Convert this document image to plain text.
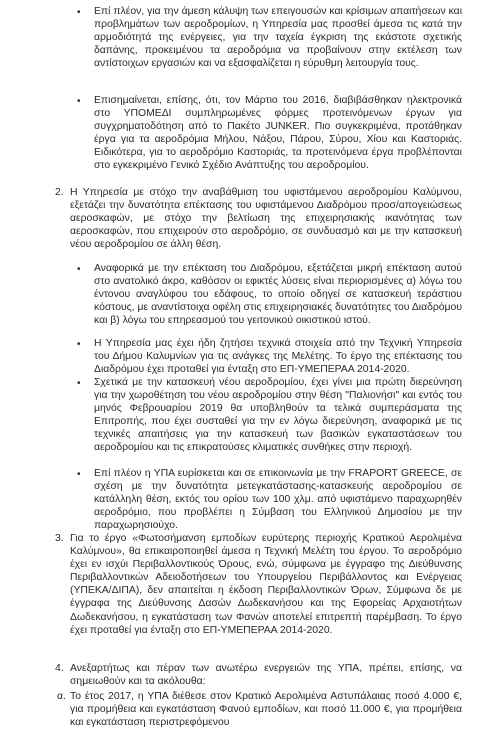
• Επί πλέον, για την άμεση κάλυψη των επειγουσών και κρίσιμων απαιτήσεων και προβλημάτων των αεροδρομίων, η Υπηρεσία μας προσθεί άμεσα τις κατά την αρμοδιότητά της ενέργειες, για την ταχεία έγκριση της εκάστοτε σχετικής δαπάνης, προκειμένου τα αεροδρόμια να προβαίνουν στην εκτέλεση των αντίστοιχων εργασιών και να εξασφαλίζεται η εύρυθμη λειτουργία τους.

• Επισημαίνεται, επίσης, ότι, τον Μάρτιο του 2016, διαβιβάσθηκαν ηλεκτρονικά στο ΥΠΟΜΕΔΙ συμπληρωμένες φόρμες προτεινόμενων έργων για συγχρηματοδότηση από το Πακέτο JUNKER. Πιο συγκεκριμένα, προτάθηκαν έργα για τα αεροδρόμια Μήλου, Νάξου, Πάρου, Σύρου, Χίου και Καστοριάς. Ειδικότερα, για το αεροδρόμιο Καστοριάς, τα προτεινόμενα έργα προβλέπονται στο εγκεκριμένο Γενικό Σχέδιο Ανάπτυξης του αεροδρομίου.

2. Η Υπηρεσία με στόχο την αναβάθμιση του υφιστάμενου αεροδρομίου Καλύμνου, εξετάζει την δυνατότητα επέκτασης του υφιστάμενου Διαδρόμου προσ/απογειώσεως αεροσκαφών, με στόχο την βελτίωση της επιχειρησιακής ικανότητας των αεροσκαφών, που επιχειρούν στο αεροδρόμιο, σε συνδυασμό και με την κατασκευή νέου αεροδρομίου σε άλλη θέση.

• Αναφορικά με την επέκταση του Διαδρόμου, εξετάζεται μικρή επέκταση αυτού στο ανατολικό άκρο, καθόσον οι εφικτές λύσεις είναι περιορισμένες α) λόγω του έντονου αναγλύφου του εδάφους, το οποίο οδηγεί σε κατασκευή τεράστιου κόστους, με αναντίστοιχα οφέλη στις επιχειρησιακές δυνατότητες του Διαδρόμου και β) λόγω του επηρεασμού του γειτονικού οικιστικού ιστού.

• Η Υπηρεσία μας έχει ήδη ζητήσει τεχνικά στοιχεία από την Τεχνική Υπηρεσία του Δήμου Καλυμνίων για τις ανάγκες της Μελέτης. Το έργο της επέκτασης του Διαδρόμου έχει προταθεί για ένταξη στο ΕΠ-ΥΜΕΠΕΡΑΑ 2014-2020.

• Σχετικά με την κατασκευή νέου αεροδρομίου, έχει γίνει μια πρώτη διερεύνηση για την χωροθέτηση του νέου αεροδρομίου στην θέση "Παλιονήσι" και εντός του μηνός Φεβρουαρίου 2019 θα υποβληθούν τα τελικά συμπεράσματα της Επιτροπής, που έχει συσταθεί για την εν λόγω διερεύνηση, αναφορικά με τις τεχνικές απαιτήσεις για την κατασκευή των βασικών εγκαταστάσεων του αεροδρομίου και τις επικρατούσες κλιματικές συνθήκες στην περιοχή.

• Επί πλέον η ΥΠΑ ευρίσκεται και σε επικοινωνία με την FRAPORT GREECE, σε σχέση με την δυνατότητα μετεγκατάστασης-κατασκευής αεροδρομίου σε κατάλληλη θέση, εκτός του ορίου των 100 χλμ. από υφιστάμενο παραχωρηθέν αεροδρόμιο, που προβλέπει η Σύμβαση του Ελληνικού Δημοσίου με την παραχωρησιούχο.

3. Για το έργο «Φωτοσήμανση εμποδίων ευρύτερης περιοχής Κρατικού Αερολιμένα Καλύμνου», θα επικαιροποιηθεί άμεσα η Τεχνική Μελέτη του έργου. Το αεροδρόμιο έχει εν ισχύι Περιβαλλοντικούς Όρους, ενώ, σύμφωνα με έγγραφο της Διεύθυνσης Περιβαλλοντικών Αδειοδοτήσεων του Υπουργείου Περιβάλλοντος και Ενέργειας (ΥΠΕΚΑ/ΔΙΠΑ), δεν απαιτείται η έκδοση Περιβαλλοντικών Όρων, Σύμφωνα δε με έγγραφα της Διεύθυνσης Δασών Δωδεκανήσου και της Εφορείας Αρχαιοτήτων Δωδεκανήσου, η εγκατάσταση των Φανών αποτελεί επιτρεπτή παρέμβαση. Το έργο έχει προταθεί για ένταξη στο ΕΠ-ΥΜΕΠΕΡΑΑ 2014-2020.

4. Ανεξαρτήτως και πέραν των ανωτέρω ενεργειών της ΥΠΑ, πρέπει, επίσης, να σημειωθούν και τα ακόλουθα:

α. Το έτος 2017, η ΥΠΑ διέθεσε στον Κρατικό Αερολιμένα Αστυπάλαιας ποσό 4.000 €, για προμήθεια και εγκατάσταση Φανού εμποδίων, και ποσό 11.000 €, για προμήθεια και εγκατάσταση περιστρεφόμενου
